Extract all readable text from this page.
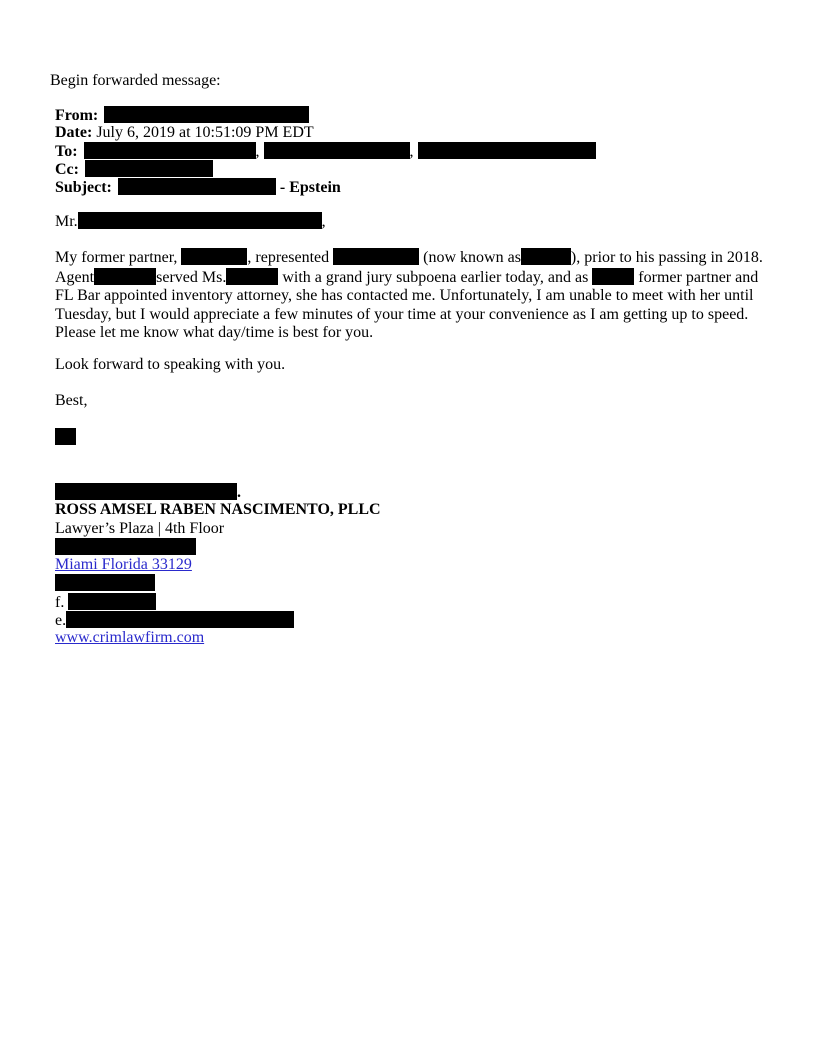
Begin forwarded message:
From:
Date: July 6, 2019 at 10:51:09 PM EDT
To:	,	,
Cc:
Subject:	- Epstein
Mr.	,
My former partner,	, represented	(now known as	), prior to his passing in 2018. Agent	served Ms.	with a grand jury subpoena earlier today, and as	former partner and FL Bar appointed inventory attorney, she has contacted me. Unfortunately, I am unable to meet with her until Tuesday, but I would appreciate a few minutes of your time at your convenience as I am getting up to speed. Please let me know what day/time is best for you.
Look forward to speaking with you.
Best,
.
ROSS AMSEL RABEN NASCIMENTO, PLLC
Lawyer’s Plaza | 4th Floor
Miami Florida 33129
f.
e.
www.crimlawfirm.com
